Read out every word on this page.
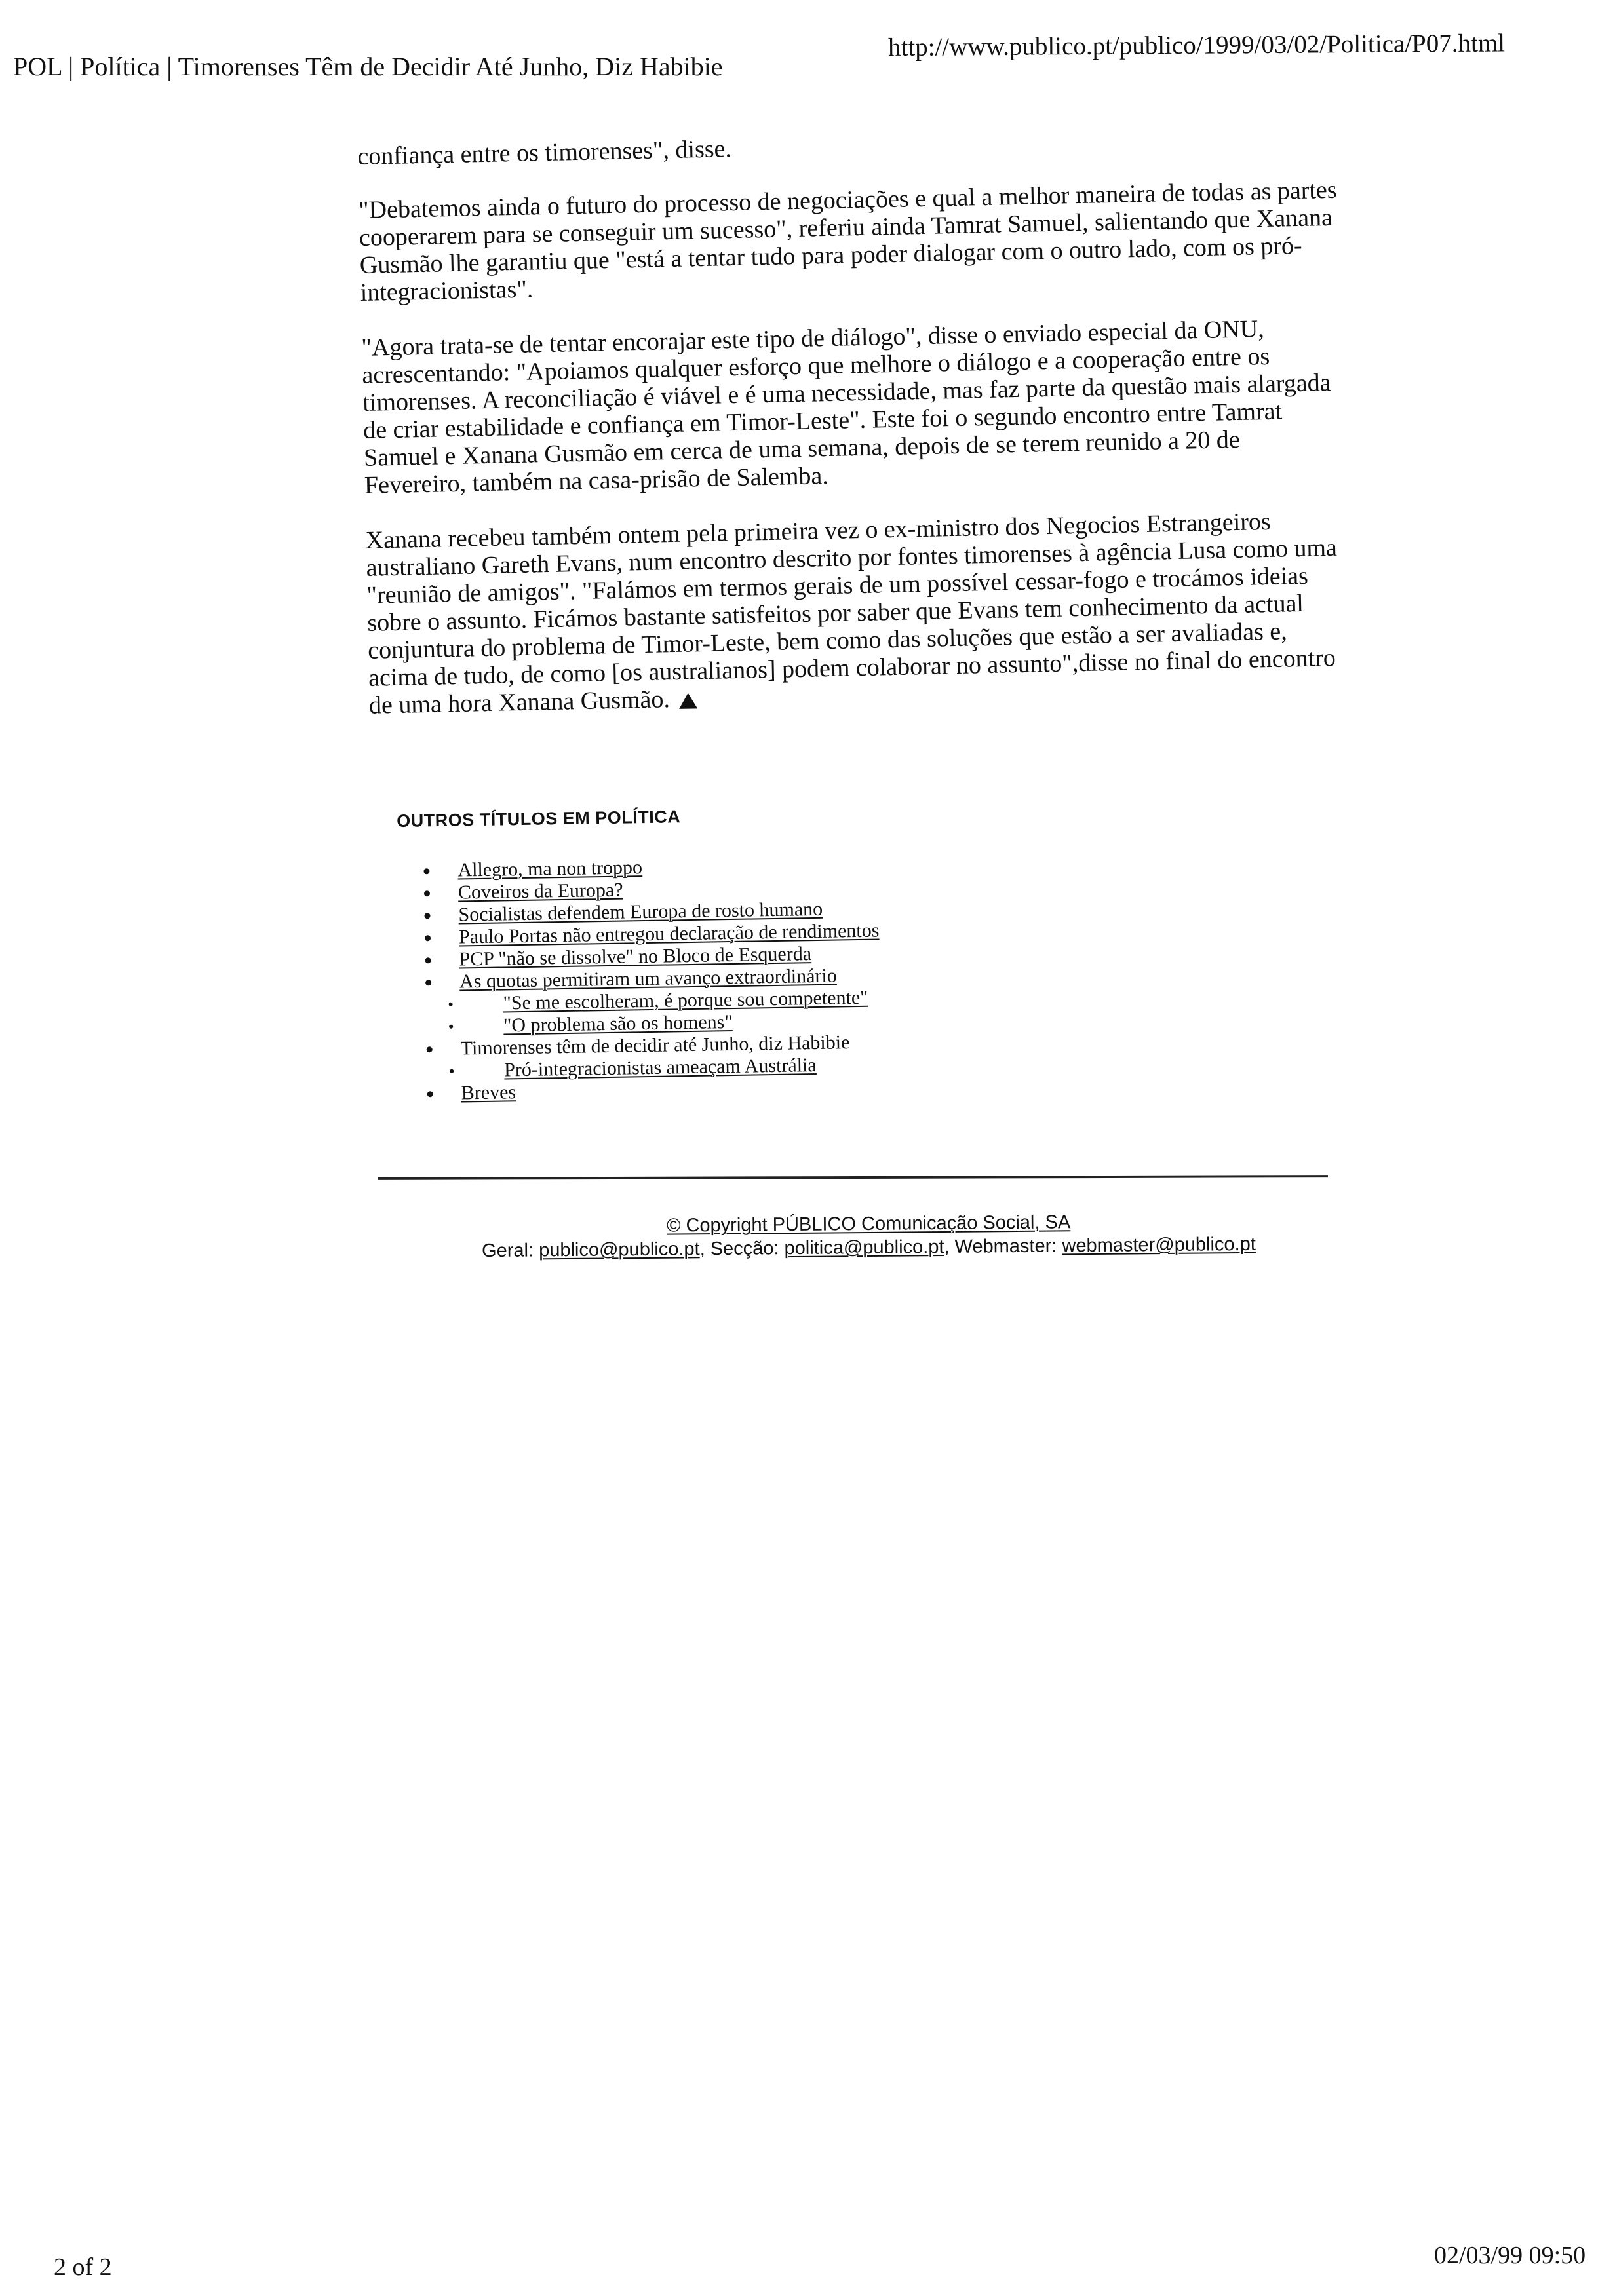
POL | Política | Timorenses Têm de Decidir Até Junho, Diz Habibie
http://www.publico.pt/publico/1999/03/02/Politica/P07.html

confiança entre os timorenses", disse.

"Debatemos ainda o futuro do processo de negociações e qual a melhor maneira de todas as partes cooperarem para se conseguir um sucesso", referiu ainda Tamrat Samuel, salientando que Xanana Gusmão lhe garantiu que "está a tentar tudo para poder dialogar com o outro lado, com os pró-integracionistas".

"Agora trata-se de tentar encorajar este tipo de diálogo", disse o enviado especial da ONU, acrescentando: "Apoiamos qualquer esforço que melhore o diálogo e a cooperação entre os timorenses. A reconciliação é viável e é uma necessidade, mas faz parte da questão mais alargada de criar estabilidade e confiança em Timor-Leste". Este foi o segundo encontro entre Tamrat Samuel e Xanana Gusmão em cerca de uma semana, depois de se terem reunido a 20 de Fevereiro, também na casa-prisão de Salemba.

Xanana recebeu também ontem pela primeira vez o ex-ministro dos Negocios Estrangeiros australiano Gareth Evans, num encontro descrito por fontes timorenses à agência Lusa como uma "reunião de amigos". "Falámos em termos gerais de um possível cessar-fogo e trocámos ideias sobre o assunto. Ficámos bastante satisfeitos por saber que Evans tem conhecimento da actual conjuntura do problema de Timor-Leste, bem como das soluções que estão a ser avaliadas e, acima de tudo, de como [os australianos] podem colaborar no assunto",disse no final do encontro de uma hora Xanana Gusmão.

OUTROS TÍTULOS EM POLÍTICA
Allegro, ma non troppo
Coveiros da Europa?
Socialistas defendem Europa de rosto humano
Paulo Portas não entregou declaração de rendimentos
PCP "não se dissolve" no Bloco de Esquerda
As quotas permitiram um avanço extraordinário
"Se me escolheram, é porque sou competente"
"O problema são os homens"
Timorenses têm de decidir até Junho, diz Habibie
Pró-integracionistas ameaçam Austrália
Breves
© Copyright PÚBLICO Comunicação Social, SA
Geral: publico@publico.pt, Secção: politica@publico.pt, Webmaster: webmaster@publico.pt
2 of 2	02/03/99 09:50
